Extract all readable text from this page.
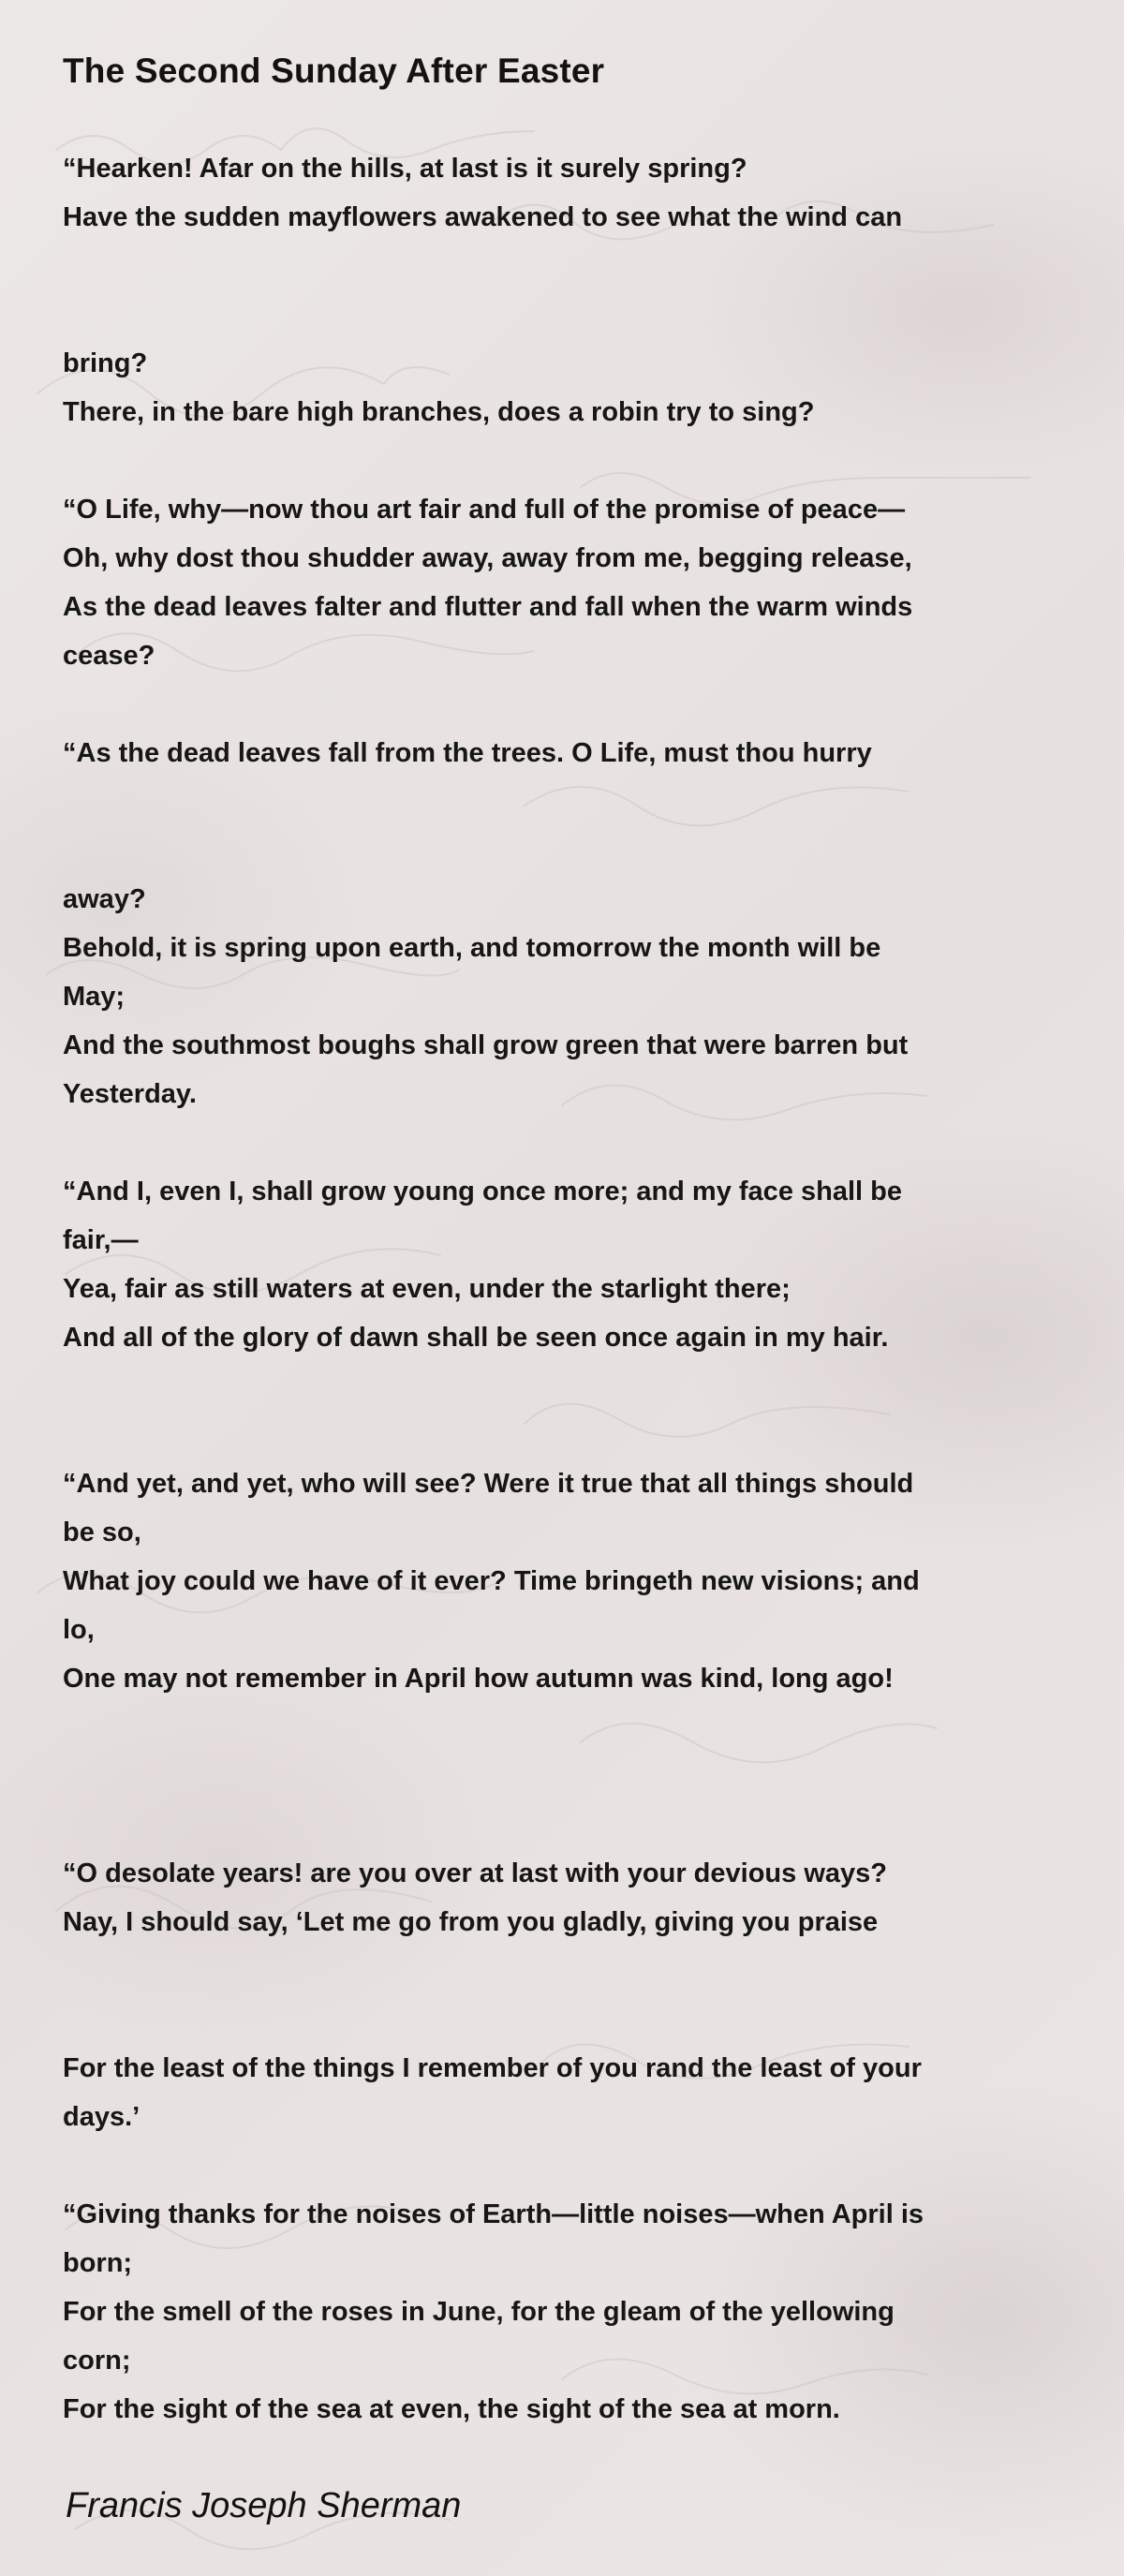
The Second Sunday After Easter
“Hearken! Afar on the hills, at last is it surely spring?
Have the sudden mayflowers awakened to see what the wind can

bring?
There, in the bare high branches, does a robin try to sing?

“O Life, why—now thou art fair and full of the promise of peace—
Oh, why dost thou shudder away, away from me, begging release,
As the dead leaves falter and flutter and fall when the warm winds
cease?

“As the dead leaves fall from the trees. O Life, must thou hurry

away?
Behold, it is spring upon earth, and tomorrow the month will be
May;
And the southmost boughs shall grow green that were barren but
Yesterday.

“And I, even I, shall grow young once more; and my face shall be
fair,—
Yea, fair as still waters at even, under the starlight there;
And all of the glory of dawn shall be seen once again in my hair.

“And yet, and yet, who will see? Were it true that all things should
be so,
What joy could we have of it ever? Time bringeth new visions; and
lo,
One may not remember in April how autumn was kind, long ago!

“O desolate years! are you over at last with your devious ways?
Nay, I should say, ‘Let me go from you gladly, giving you praise

For the least of the things I remember of you rand the least of your
days.’

“Giving thanks for the noises of Earth—little noises—when April is
born;
For the smell of the roses in June, for the gleam of the yellowing
corn;
For the sight of the sea at even, the sight of the sea at morn.
Francis Joseph Sherman
